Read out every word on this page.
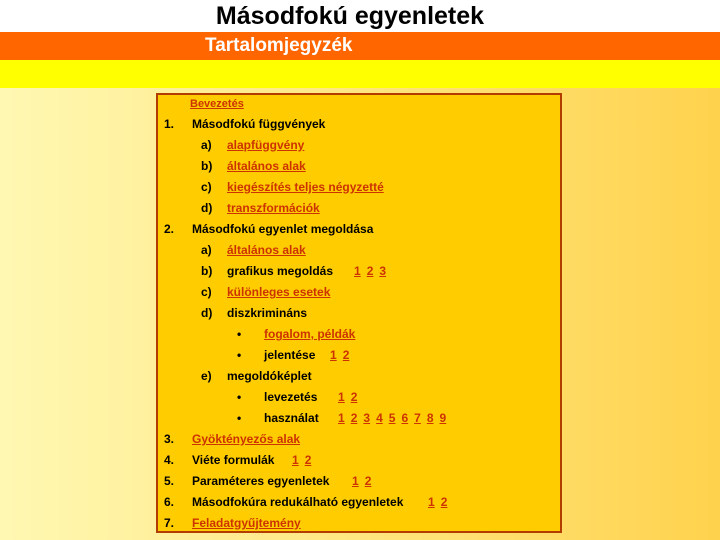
Másodfokú egyenletek
Tartalomjegyzék
Bevezetés
1. Másodfokú függvények
a) alapfüggvény
b) általános alak
c) kiegészítés teljes négyzetté
d) transzformációk
2. Másodfokú egyenlet megoldása
a) általános alak
b) grafikus megoldás 1 2 3
c) különleges esetek
d) diszkrimináns
• fogalom, példák
• jelentése 1 2
e) megoldóképlet
• levezetés 1 2
• használat 1 2 3 4 5 6 7 8 9
3. Gyöktényezős alak
4. Viéte formulák 1 2
5. Paraméteres egyenletek 1 2
6. Másodfokúra redukálható egyenletek 1 2
7. Feladatgyűjtemény
